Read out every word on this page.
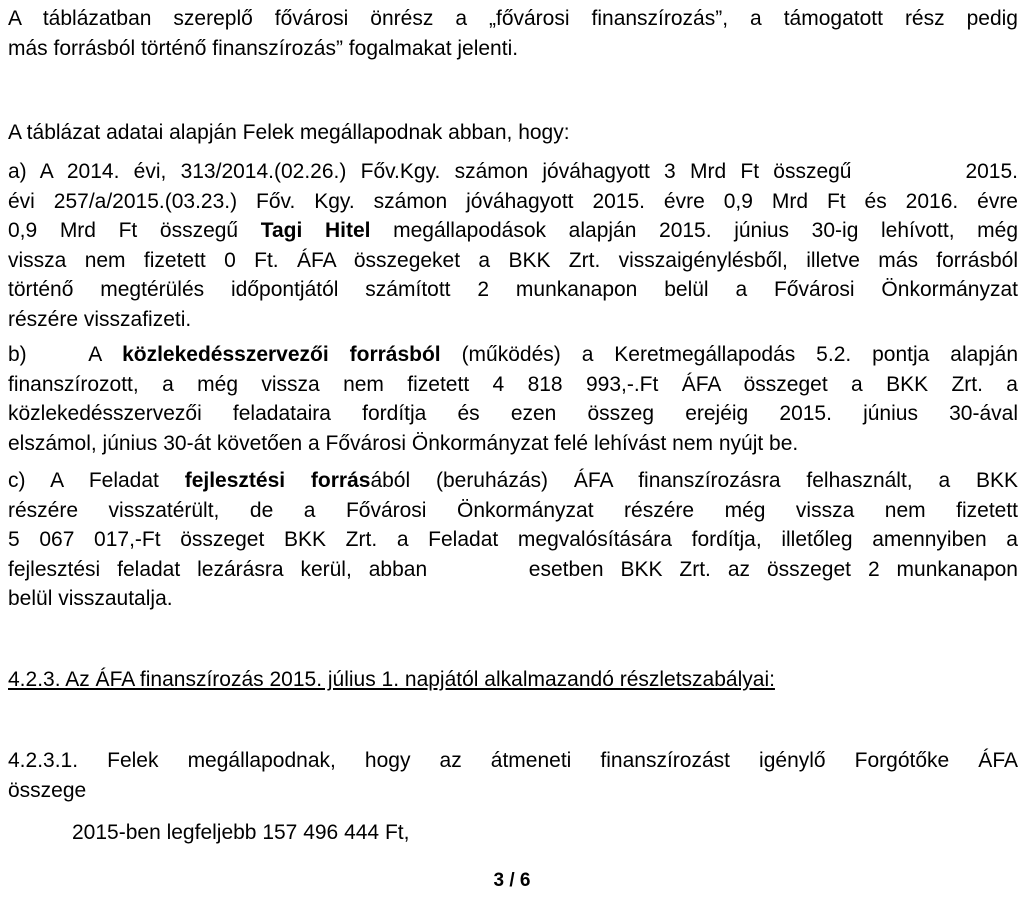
A táblázatban szereplő fővárosi önrész a „fővárosi finanszírozás”, a támogatott rész pedig
más forrásból történő finanszírozás” fogalmakat jelenti.
A táblázat adatai alapján Felek megállapodnak abban, hogy:
a) A 2014. évi, 313/2014.(02.26.) Főv.Kgy. számon jóváhagyott 3 Mrd Ft összegű        2015.
évi 257/a/2015.(03.23.) Főv. Kgy. számon jóváhagyott 2015. évre 0,9 Mrd Ft és 2016. évre
0,9 Mrd Ft összegű Tagi Hitel megállapodások alapján 2015. június 30-ig lehívott, még
vissza nem fizetett 0 Ft. ÁFA összegeket a BKK Zrt. visszaigénylésből, illetve más forrásból
történő megtérülés időpontjától számított 2 munkanapon belül a Fővárosi Önkormányzat
részére visszafizeti.
b)   A közlekedésszervezői forrásból (működés) a Keretmegállapodás 5.2. pontja alapján
finanszírozott, a még vissza nem fizetett 4 818 993,-.Ft ÁFA összeget a BKK Zrt. a
közlekedésszervezői feladataira fordítja és ezen összeg erejéig 2015. június 30-ával
elszámol, június 30-át követően a Fővárosi Önkormányzat felé lehívást nem nyújt be.
c) A Feladat fejlesztési forrásából (beruházás) ÁFA finanszírozásra felhasznált, a BKK
részére visszatérült, de a Fővárosi Önkormányzat részére még vissza nem fizetett
5 067 017,-Ft összeget BKK Zrt. a Feladat megvalósítására fordítja, illetőleg amennyiben a
fejlesztési feladat lezárásra kerül, abban      esetben BKK Zrt. az összeget 2 munkanapon
belül visszautalja.
4.2.3. Az ÁFA finanszírozás 2015. július 1. napjától alkalmazandó részletszabályai:
4.2.3.1. Felek megállapodnak, hogy az átmeneti finanszírozást igénylő Forgótőke ÁFA
összege
2015-ben legfeljebb 157 496 444 Ft,
3 / 6
